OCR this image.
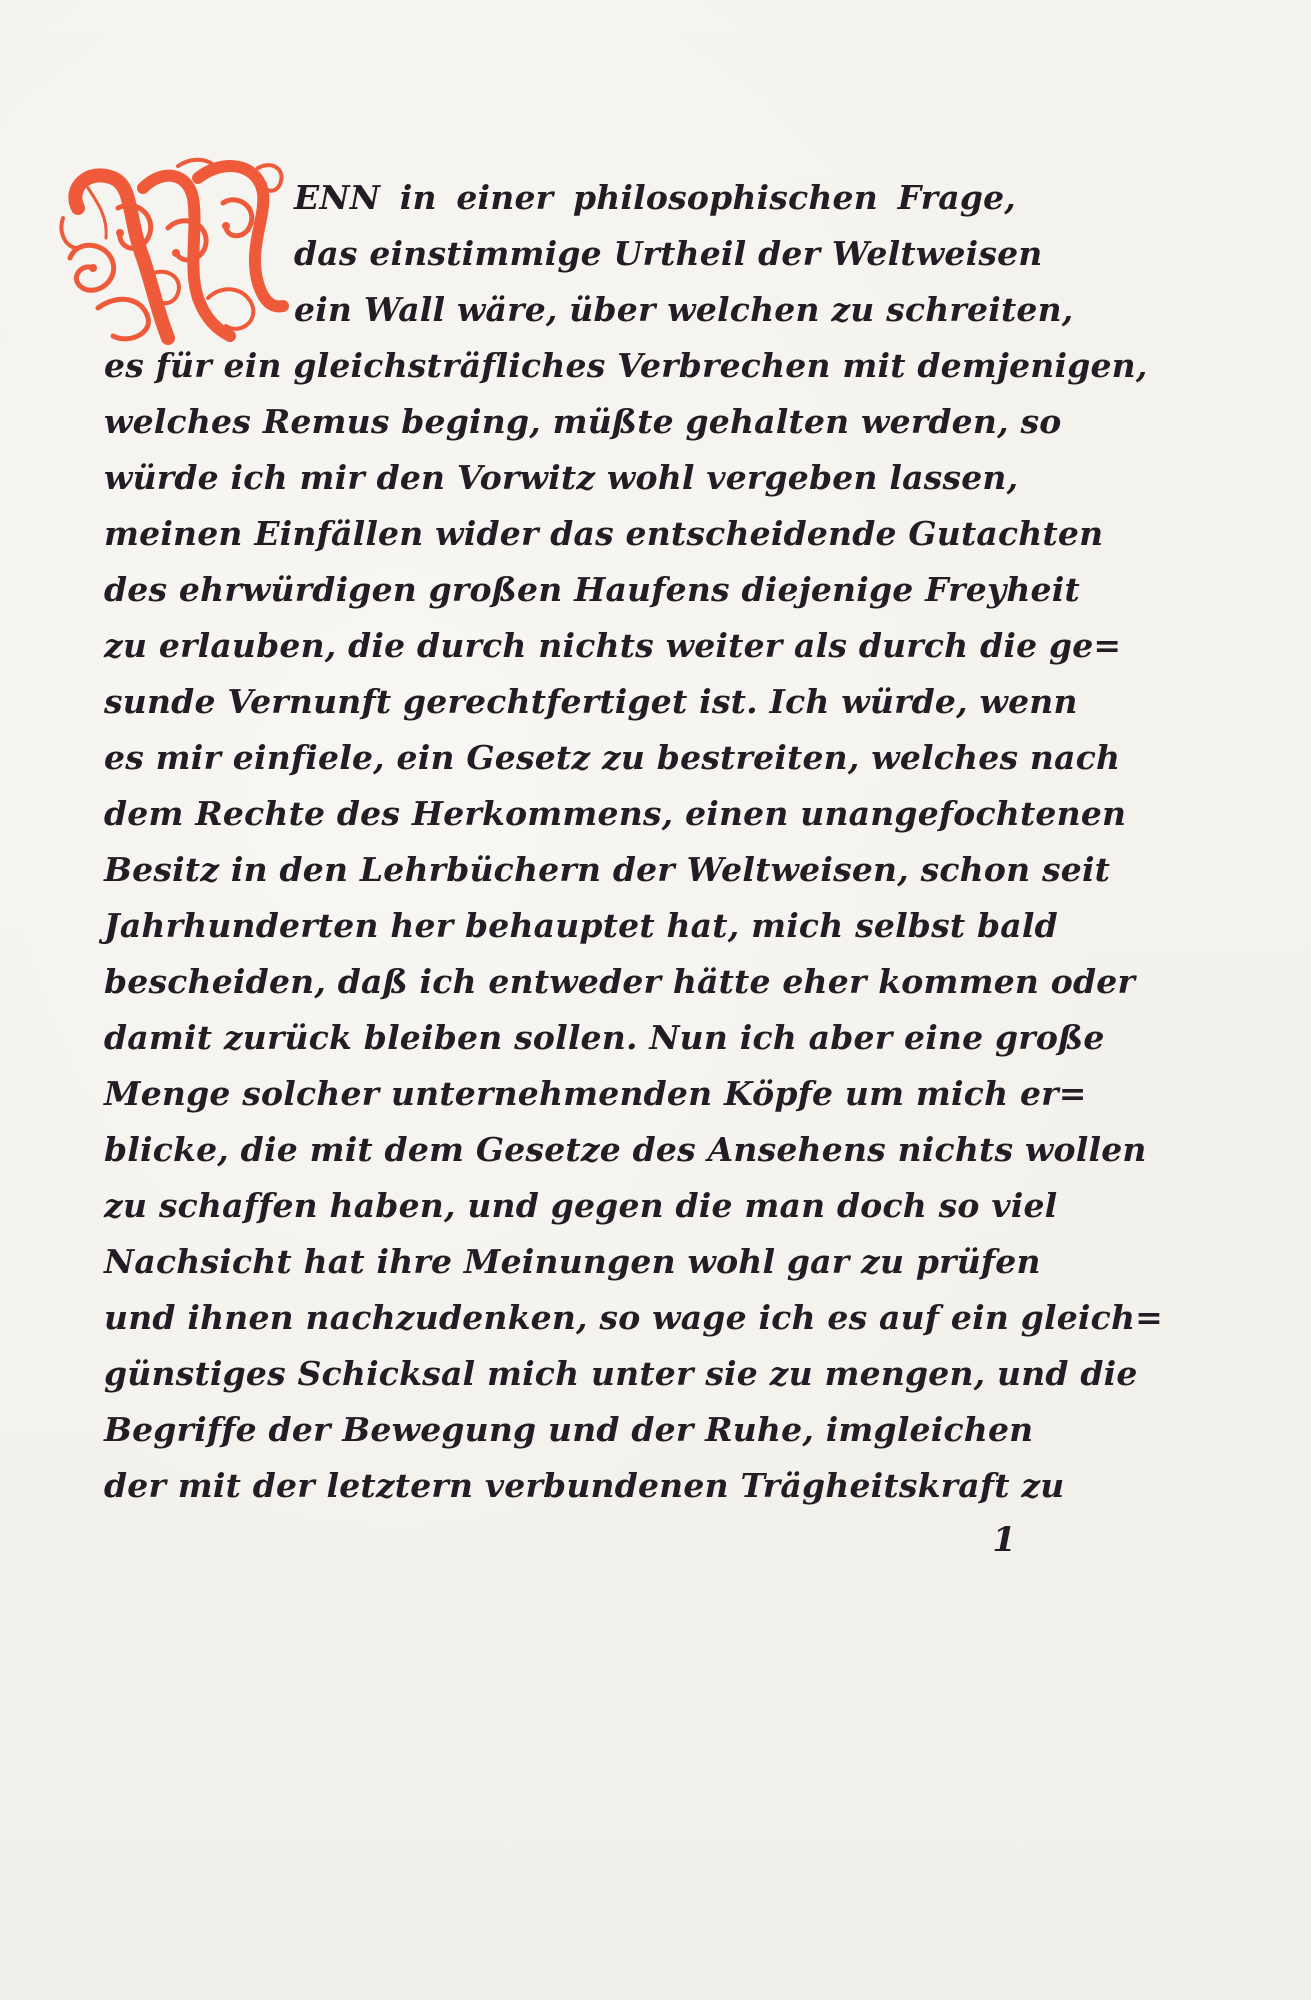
ENN in einer philosophischen Frage,
das einstimmige Urtheil der Weltweisen
ein Wall wäre, über welchen zu schreiten,
es für ein gleichsträfliches Verbrechen mit demjenigen,
welches Remus beging, müßte gehalten werden, so
würde ich mir den Vorwitz wohl vergeben lassen,
meinen Einfällen wider das entscheidende Gutachten
des ehrwürdigen großen Haufens diejenige Freyheit
zu erlauben, die durch nichts weiter als durch die ge=
sunde Vernunft gerechtfertiget ist. Ich würde, wenn
es mir einfiele, ein Gesetz zu bestreiten, welches nach
dem Rechte des Herkommens, einen unangefochtenen
Besitz in den Lehrbüchern der Weltweisen, schon seit
Jahrhunderten her behauptet hat, mich selbst bald
bescheiden, daß ich entweder hätte eher kommen oder
damit zurück bleiben sollen. Nun ich aber eine große
Menge solcher unternehmenden Köpfe um mich er=
blicke, die mit dem Gesetze des Ansehens nichts wollen
zu schaffen haben, und gegen die man doch so viel
Nachsicht hat ihre Meinungen wohl gar zu prüfen
und ihnen nachzudenken, so wage ich es auf ein gleich=
günstiges Schicksal mich unter sie zu mengen, und die
Begriffe der Bewegung und der Ruhe, imgleichen
der mit der letztern verbundenen Trägheitskraft zu
1
